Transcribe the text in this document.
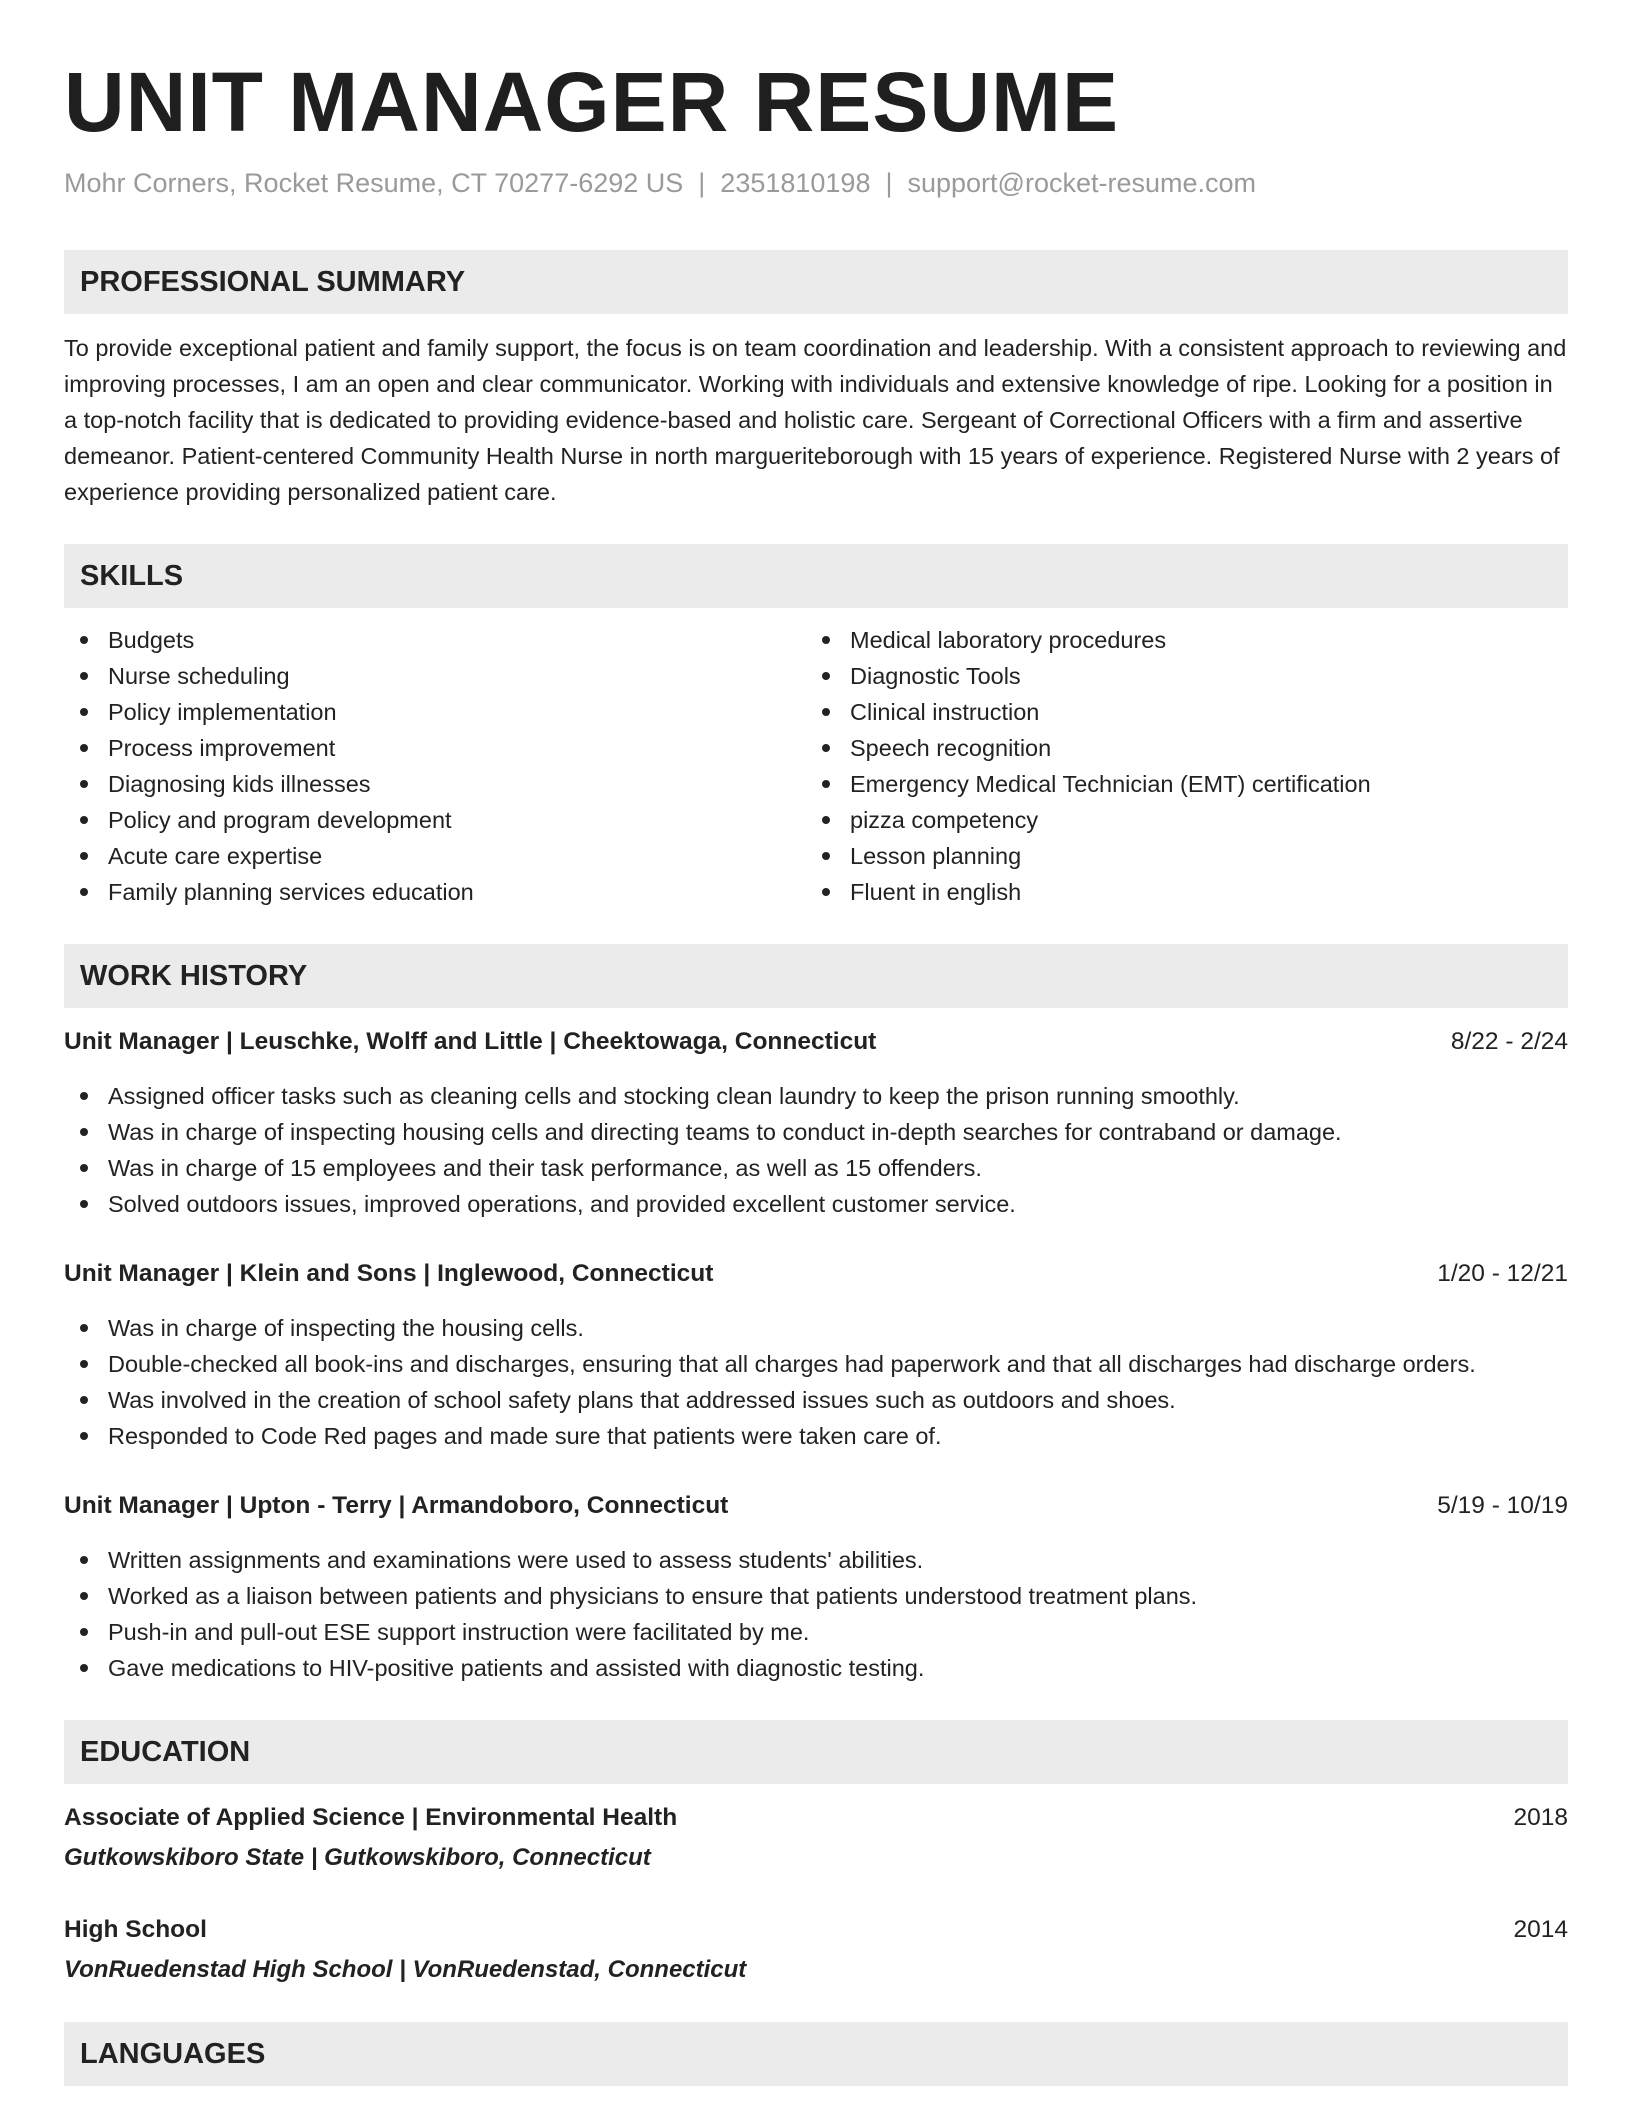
UNIT MANAGER RESUME
Mohr Corners, Rocket Resume, CT 70277-6292 US | 2351810198 | support@rocket-resume.com
PROFESSIONAL SUMMARY

To provide exceptional patient and family support, the focus is on team coordination and leadership. With a consistent approach to reviewing and improving processes, I am an open and clear communicator. Working with individuals and extensive knowledge of ripe. Looking for a position in a top-notch facility that is dedicated to providing evidence-based and holistic care. Sergeant of Correctional Officers with a firm and assertive demeanor. Patient-centered Community Health Nurse in north margueriteborough with 15 years of experience. Registered Nurse with 2 years of experience providing personalized patient care.

SKILLS
Budgets
Nurse scheduling
Policy implementation
Process improvement
Diagnosing kids illnesses
Policy and program development
Acute care expertise
Family planning services education
Medical laboratory procedures
Diagnostic Tools
Clinical instruction
Speech recognition
Emergency Medical Technician (EMT) certification
pizza competency
Lesson planning
Fluent in english
WORK HISTORY
Unit Manager | Leuschke, Wolff and Little | Cheektowaga, Connecticut	8/22 - 2/24
Assigned officer tasks such as cleaning cells and stocking clean laundry to keep the prison running smoothly.
Was in charge of inspecting housing cells and directing teams to conduct in-depth searches for contraband or damage.
Was in charge of 15 employees and their task performance, as well as 15 offenders.
Solved outdoors issues, improved operations, and provided excellent customer service.
Unit Manager | Klein and Sons | Inglewood, Connecticut	1/20 - 12/21
Was in charge of inspecting the housing cells.
Double-checked all book-ins and discharges, ensuring that all charges had paperwork and that all discharges had discharge orders.
Was involved in the creation of school safety plans that addressed issues such as outdoors and shoes.
Responded to Code Red pages and made sure that patients were taken care of.
Unit Manager | Upton - Terry | Armandoboro, Connecticut	5/19 - 10/19
Written assignments and examinations were used to assess students' abilities.
Worked as a liaison between patients and physicians to ensure that patients understood treatment plans.
Push-in and pull-out ESE support instruction were facilitated by me.
Gave medications to HIV-positive patients and assisted with diagnostic testing.
EDUCATION
Associate of Applied Science | Environmental Health	2018
Gutkowskiboro State | Gutkowskiboro, Connecticut
High School	2014
VonRuedenstad High School | VonRuedenstad, Connecticut
LANGUAGES
